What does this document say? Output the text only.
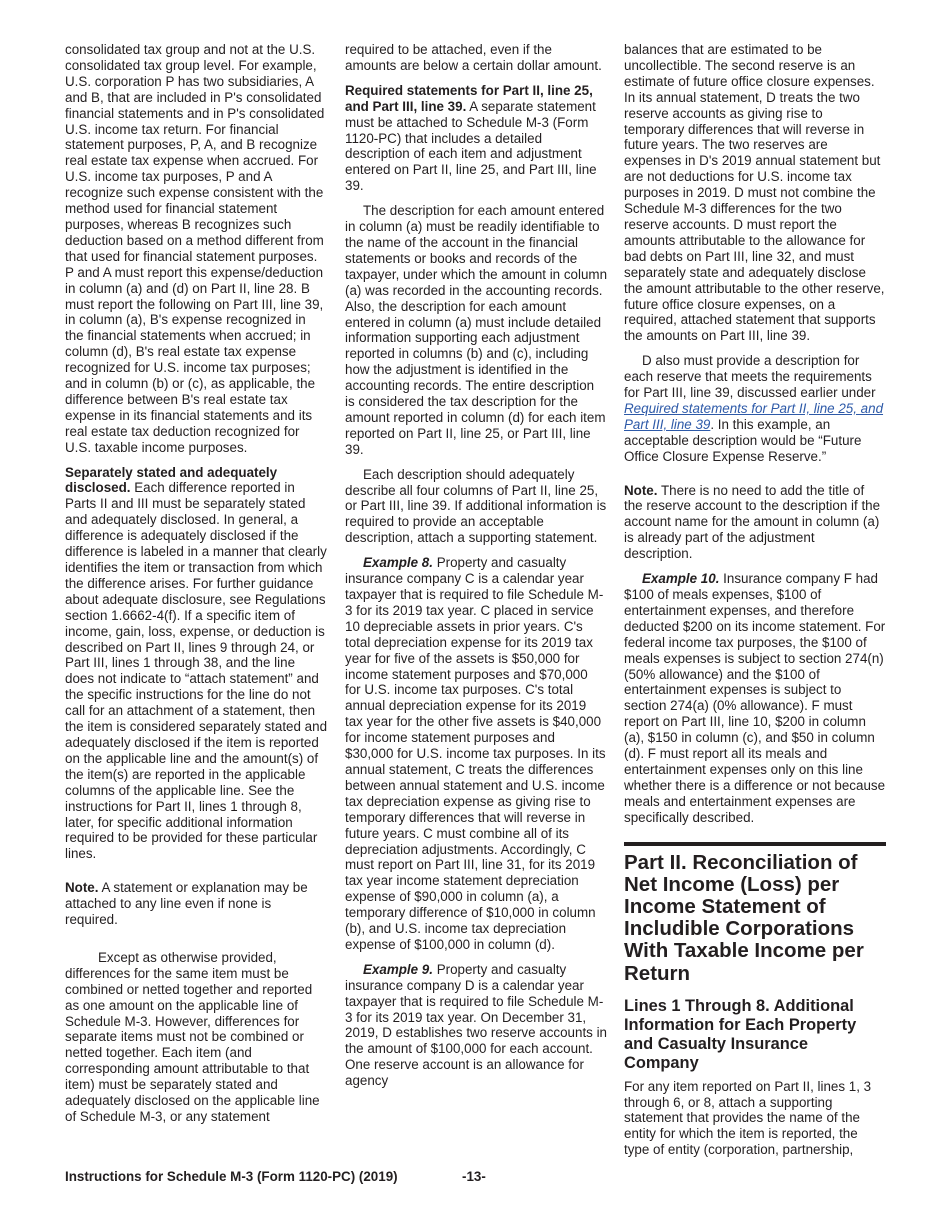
consolidated tax group and not at the U.S. consolidated tax group level. For example, U.S. corporation P has two subsidiaries, A and B, that are included in P's consolidated financial statements and in P's consolidated U.S. income tax return. For financial statement purposes, P, A, and B recognize real estate tax expense when accrued. For U.S. income tax purposes, P and A recognize such expense consistent with the method used for financial statement purposes, whereas B recognizes such deduction based on a method different from that used for financial statement purposes. P and A must report this expense/deduction in column (a) and (d) on Part II, line 28. B must report the following on Part III, line 39, in column (a), B's expense recognized in the financial statements when accrued; in column (d), B's real estate tax expense recognized for U.S. income tax purposes; and in column (b) or (c), as applicable, the difference between B's real estate tax expense in its financial statements and its real estate tax deduction recognized for U.S. taxable income purposes.

Separately stated and adequately disclosed. Each difference reported in Parts II and III must be separately stated and adequately disclosed. In general, a difference is adequately disclosed if the difference is labeled in a manner that clearly identifies the item or transaction from which the difference arises. For further guidance about adequate disclosure, see Regulations section 1.6662-4(f). If a specific item of income, gain, loss, expense, or deduction is described on Part II, lines 9 through 24, or Part III, lines 1 through 38, and the line does not indicate to “attach statement” and the specific instructions for the line do not call for an attachment of a statement, then the item is considered separately stated and adequately disclosed if the item is reported on the applicable line and the amount(s) of the item(s) are reported in the applicable columns of the applicable line. See the instructions for Part II, lines 1 through 8, later, for specific additional information required to be provided for these particular lines.

Note. A statement or explanation may be attached to any line even if none is required.

Except as otherwise provided, differences for the same item must be combined or netted together and reported as one amount on the applicable line of Schedule M-3. However, differences for separate items must not be combined or netted together. Each item (and corresponding amount attributable to that item) must be separately stated and adequately disclosed on the applicable line of Schedule M-3, or any statement

required to be attached, even if the amounts are below a certain dollar amount.

Required statements for Part II, line 25, and Part III, line 39. A separate statement must be attached to Schedule M-3 (Form 1120-PC) that includes a detailed description of each item and adjustment entered on Part II, line 25, and Part III, line 39.

The description for each amount entered in column (a) must be readily identifiable to the name of the account in the financial statements or books and records of the taxpayer, under which the amount in column (a) was recorded in the accounting records. Also, the description for each amount entered in column (a) must include detailed information supporting each adjustment reported in columns (b) and (c), including how the adjustment is identified in the accounting records. The entire description is considered the tax description for the amount reported in column (d) for each item reported on Part II, line 25, or Part III, line 39.

Each description should adequately describe all four columns of Part II, line 25, or Part III, line 39. If additional information is required to provide an acceptable description, attach a supporting statement.

Example 8. Property and casualty insurance company C is a calendar year taxpayer that is required to file Schedule M-3 for its 2019 tax year. C placed in service 10 depreciable assets in prior years. C's total depreciation expense for its 2019 tax year for five of the assets is $50,000 for income statement purposes and $70,000 for U.S. income tax purposes. C's total annual depreciation expense for its 2019 tax year for the other five assets is $40,000 for income statement purposes and $30,000 for U.S. income tax purposes. In its annual statement, C treats the differences between annual statement and U.S. income tax depreciation expense as giving rise to temporary differences that will reverse in future years. C must combine all of its depreciation adjustments. Accordingly, C must report on Part III, line 31, for its 2019 tax year income statement depreciation expense of $90,000 in column (a), a temporary difference of $10,000 in column (b), and U.S. income tax depreciation expense of $100,000 in column (d).

Example 9. Property and casualty insurance company D is a calendar year taxpayer that is required to file Schedule M-3 for its 2019 tax year. On December 31, 2019, D establishes two reserve accounts in the amount of $100,000 for each account. One reserve account is an allowance for agency

balances that are estimated to be uncollectible. The second reserve is an estimate of future office closure expenses. In its annual statement, D treats the two reserve accounts as giving rise to temporary differences that will reverse in future years. The two reserves are expenses in D's 2019 annual statement but are not deductions for U.S. income tax purposes in 2019. D must not combine the Schedule M-3 differences for the two reserve accounts. D must report the amounts attributable to the allowance for bad debts on Part III, line 32, and must separately state and adequately disclose the amount attributable to the other reserve, future office closure expenses, on a required, attached statement that supports the amounts on Part III, line 39.

D also must provide a description for each reserve that meets the requirements for Part III, line 39, discussed earlier under Required statements for Part II, line 25, and Part III, line 39. In this example, an acceptable description would be “Future Office Closure Expense Reserve.”

Note. There is no need to add the title of the reserve account to the description if the account name for the amount in column (a) is already part of the adjustment description.

Example 10. Insurance company F had $100 of meals expenses, $100 of entertainment expenses, and therefore deducted $200 on its income statement. For federal income tax purposes, the $100 of meals expenses is subject to section 274(n) (50% allowance) and the $100 of entertainment expenses is subject to section 274(a) (0% allowance). F must report on Part III, line 10, $200 in column (a), $150 in column (c), and $50 in column (d). F must report all its meals and entertainment expenses only on this line whether there is a difference or not because meals and entertainment expenses are specifically described.

Part II. Reconciliation of Net Income (Loss) per Income Statement of Includible Corporations With Taxable Income per Return
Lines 1 Through 8. Additional Information for Each Property and Casualty Insurance Company

For any item reported on Part II, lines 1, 3 through 6, or 8, attach a supporting statement that provides the name of the entity for which the item is reported, the type of entity (corporation, partnership,

Instructions for Schedule M-3 (Form 1120-PC) (2019)	-13-
